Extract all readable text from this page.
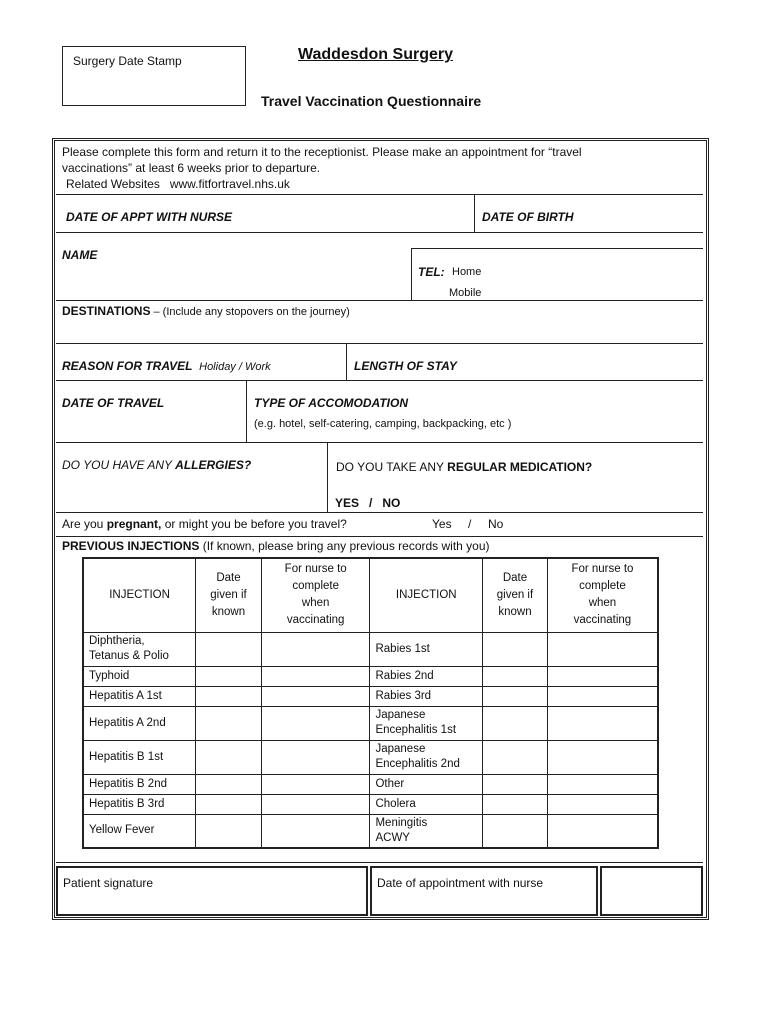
Surgery Date Stamp	Waddesdon Surgery
Travel Vaccination Questionnaire
Please complete this form and return it to the receptionist. Please make an appointment for “travel
vaccinations” at least 6 weeks prior to departure.
Related Websites www.fitfortravel.nhs.uk
DATE OF APPT WITH NURSE	DATE OF BIRTH
NAME
TEL: Home
Mobile
DESTINATIONS – (Include any stopovers on the journey)
REASON FOR TRAVEL Holiday / Work	LENGTH OF STAY
DATE OF TRAVEL	TYPE OF ACCOMODATION
(e.g. hotel, self-catering, camping, backpacking, etc )
DO YOU HAVE ANY ALLERGIES?	DO YOU TAKE ANY REGULAR MEDICATION?
YES   /   NO
Are you pregnant, or might you be before you travel?	Yes / No
PREVIOUS INJECTIONS (If known, please bring any previous records with you)
INJECTION	Date
given if
known	For nurse to
complete
when
vaccinating	INJECTION	Date
given if
known	For nurse to
complete
when
vaccinating
Diphtheria,
Tetanus & Polio			Rabies 1st		
Typhoid			Rabies 2nd		
Hepatitis A 1st			Rabies 3rd		
Hepatitis A 2nd			Japanese
Encephalitis 1st		
Hepatitis B 1st			Japanese
Encephalitis 2nd		
Hepatitis B 2nd			Other		
Hepatitis B 3rd			Cholera		
Yellow Fever			Meningitis
ACWY		
Patient signature	Date of appointment with nurse
